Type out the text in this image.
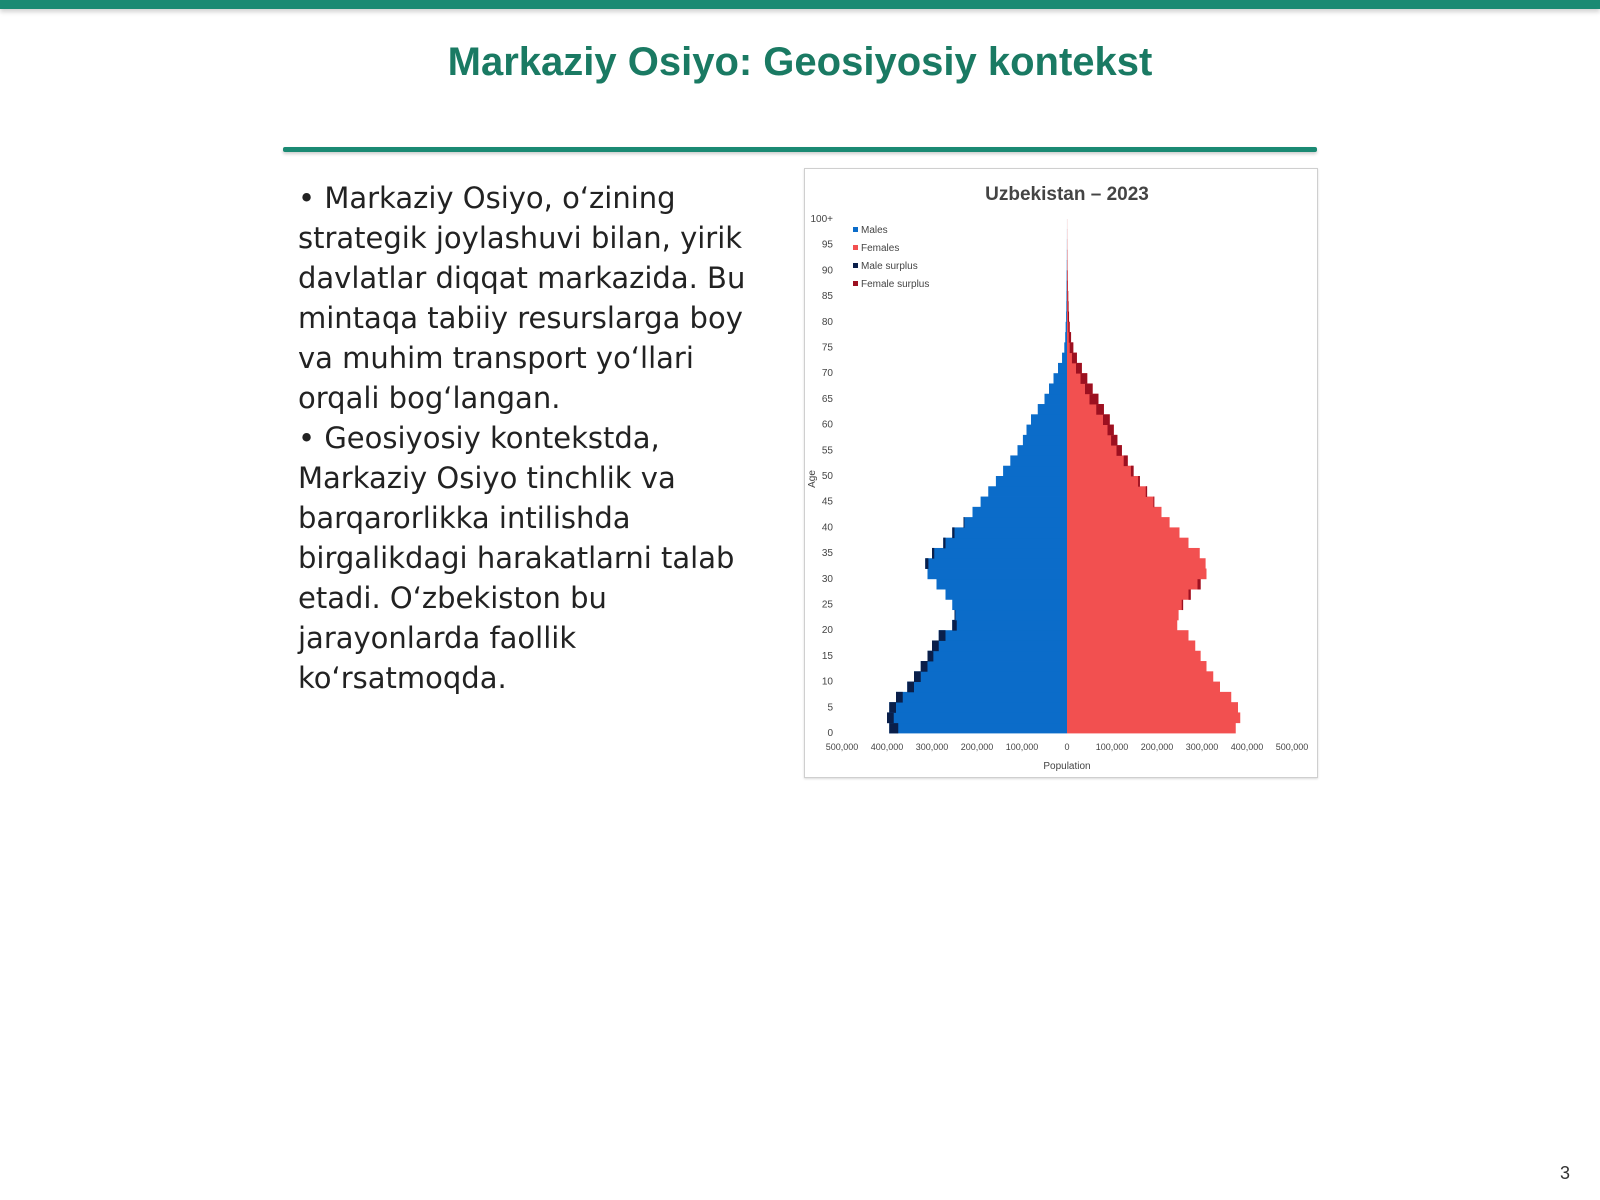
Markaziy Osiyo: Geosiyosiy kontekst

• Markaziy Osiyo, oʻzining strategik joylashuvi bilan, yirik davlatlar diqqat markazida. Bu mintaqa tabiiy resurslarga boy va muhim transport yoʻllari orqali bogʻlangan.

• Geosiyosiy kontekstda, Markaziy Osiyo tinchlik va barqarorlikka intilishda birgalikdagi harakatlarni talab etadi. Oʻzbekiston bu jarayonlarda faollik koʻrsatmoqda.

Uzbekistan – 2023
Population
Age
0
5
10
15
20
25
30
35
40
45
50
55
60
65
70
75
80
85
90
95
100+
500,000 400,000 300,000 200,000 100,000	0	100,000 200,000 300,000 400,000 500,000
Males
Females
Male surplus
Female surplus
3
